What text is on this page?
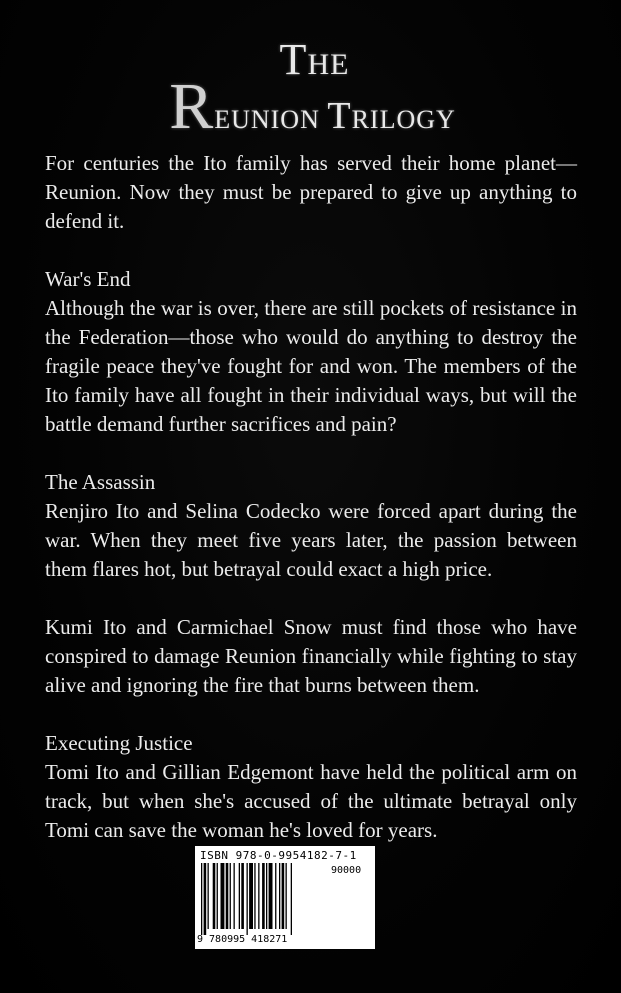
THE
REUNION TRILOGY

For centuries the Ito family has served their home planet—Reunion. Now they must be prepared to give up anything to defend it.

War's End

Although the war is over, there are still pockets of resistance in the Federation—those who would do anything to destroy the fragile peace they've fought for and won. The members of the Ito family have all fought in their individual ways, but will the battle demand further sacrifices and pain?

The Assassin

Renjiro Ito and Selina Codecko were forced apart during the war. When they meet five years later, the passion between them flares hot, but betrayal could exact a high price.

Kumi Ito and Carmichael Snow must find those who have conspired to damage Reunion financially while fighting to stay alive and ignoring the fire that burns between them.

Executing Justice

Tomi Ito and Gillian Edgemont have held the political arm on track, but when she's accused of the ultimate betrayal only Tomi can save the woman he's loved for years.

ISBN 978-0-9954182-7-1
90000
9 780995 418271
